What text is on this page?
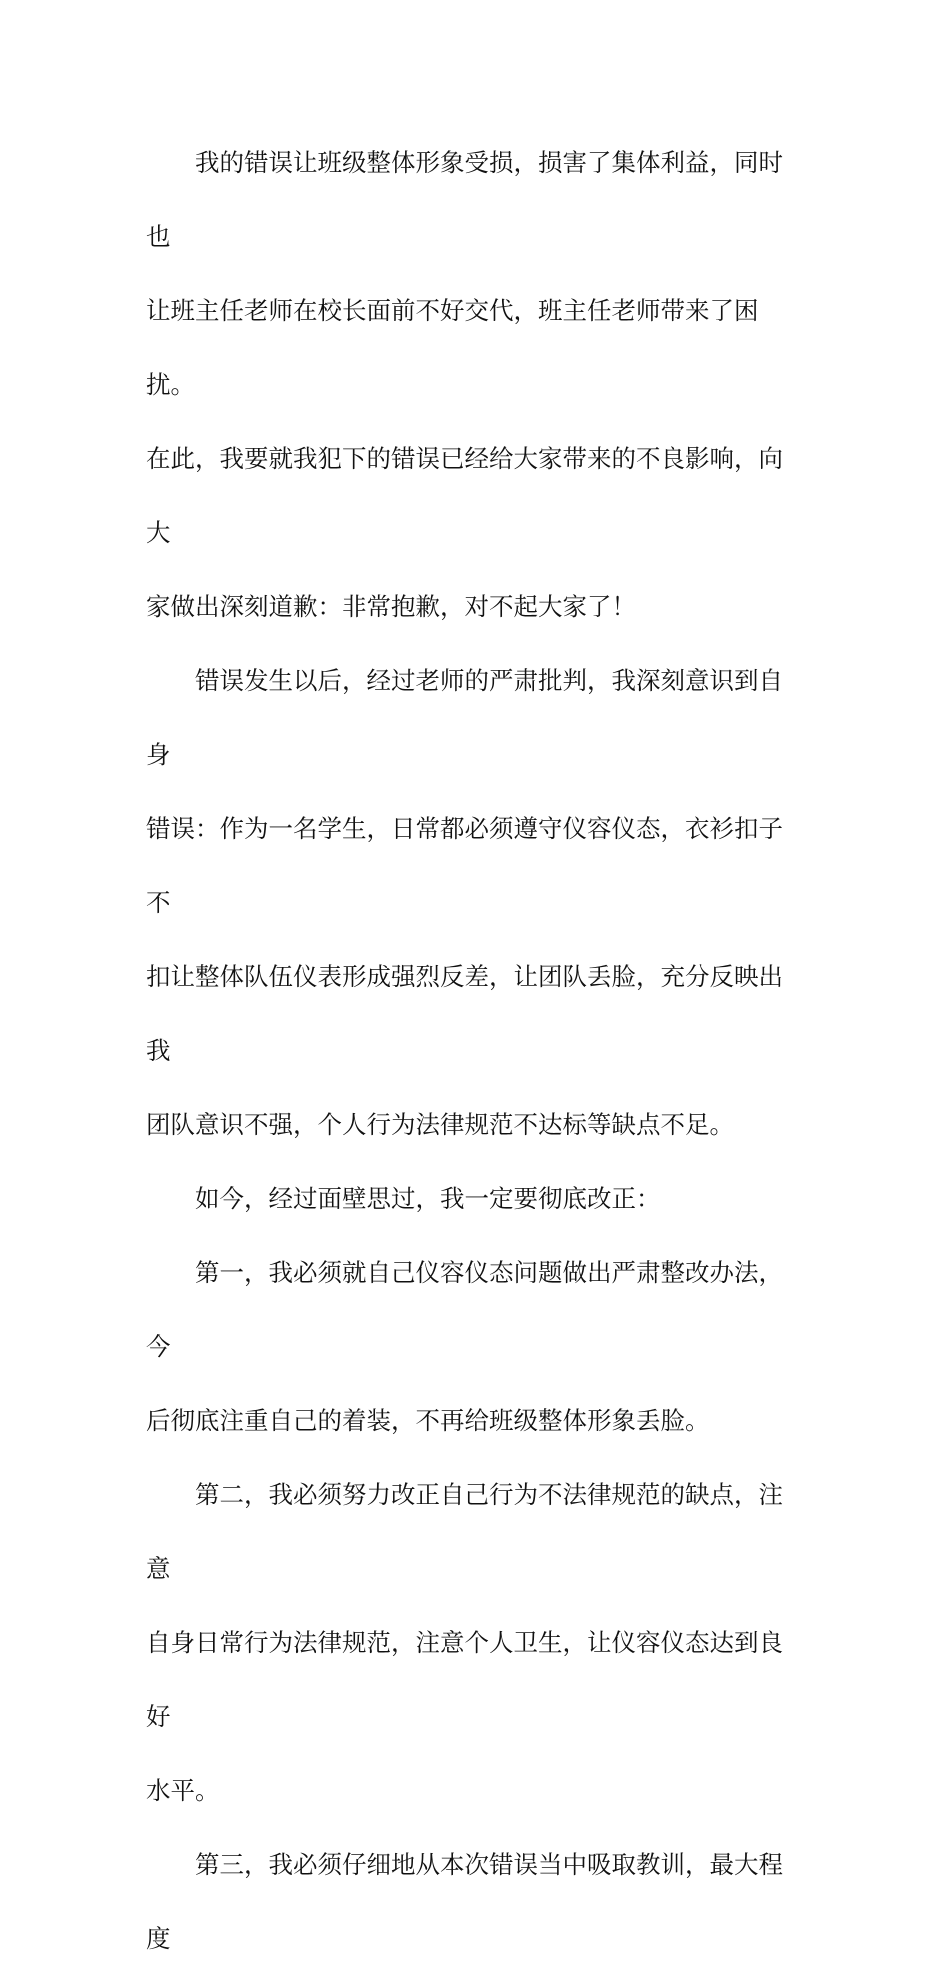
我的错误让班级整体形象受损，损害了集体利益，同时也
让班主任老师在校长面前不好交代，班主任老师带来了困扰。
在此，我要就我犯下的错误已经给大家带来的不良影响，向大
家做出深刻道歉：非常抱歉，对不起大家了！

错误发生以后，经过老师的严肃批判，我深刻意识到自身
错误：作为一名学生，日常都必须遵守仪容仪态，衣衫扣子不
扣让整体队伍仪表形成强烈反差，让团队丢脸，充分反映出我
团队意识不强，个人行为法律规范不达标等缺点不足。

如今，经过面壁思过，我一定要彻底改正：

第一，我必须就自己仪容仪态问题做出严肃整改办法，今
后彻底注重自己的着装，不再给班级整体形象丢脸。

第二，我必须努力改正自己行为不法律规范的缺点，注意
自身日常行为法律规范，注意个人卫生，让仪容仪态达到良好
水平。

第三，我必须仔细地从本次错误当中吸取教训，最大程度
